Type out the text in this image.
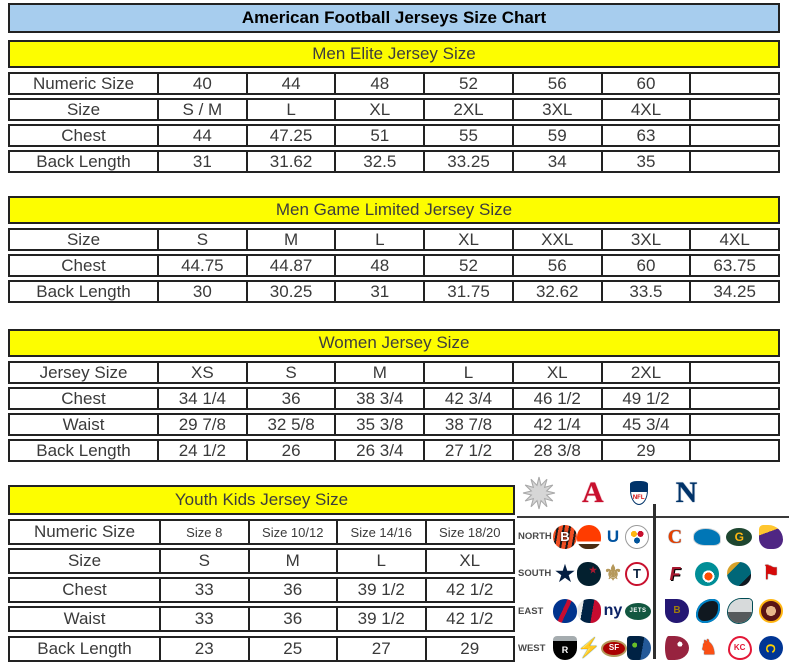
American Football Jerseys Size Chart
Men Elite Jersey Size
Numeric Size	40	44	48	52	56	60
Size	S / M	L	XL	2XL	3XL	4XL
Chest	44	47.25	51	55	59	63
Back Length	31	31.62	32.5	33.25	34	35
Men Game Limited Jersey Size
Size	S	M	L	XL	XXL	3XL	4XL
Chest	44.75	44.87	48	52	56	60	63.75
Back Length	30	30.25	31	31.75	32.62	33.5	34.25
Women Jersey Size
Jersey Size	XS	S	M	L	XL	2XL
Chest	34 1/4	36	38 3/4	42 3/4	46 1/2	49 1/2
Waist	29 7/8	32 5/8	35 3/8	38 7/8	42 1/4	45 3/4
Back Length	24 1/2	26	26 3/4	27 1/2	28 3/8	29
Youth Kids Jersey Size
Numeric Size	Size 8	Size 10/12	Size 14/16	Size 18/20
Size	S	M	L	XL
Chest	33	36	39 1/2	42 1/2
Waist	33	36	39 1/2	42 1/2
Back Length	23	25	27	29
A	NFL N
NORTH
B
U
C
G
SOUTH
★
★
⚜
T
F
⚑
EAST
ny
JETS
B
WEST
R
⚡
SF
♞
KC
C
